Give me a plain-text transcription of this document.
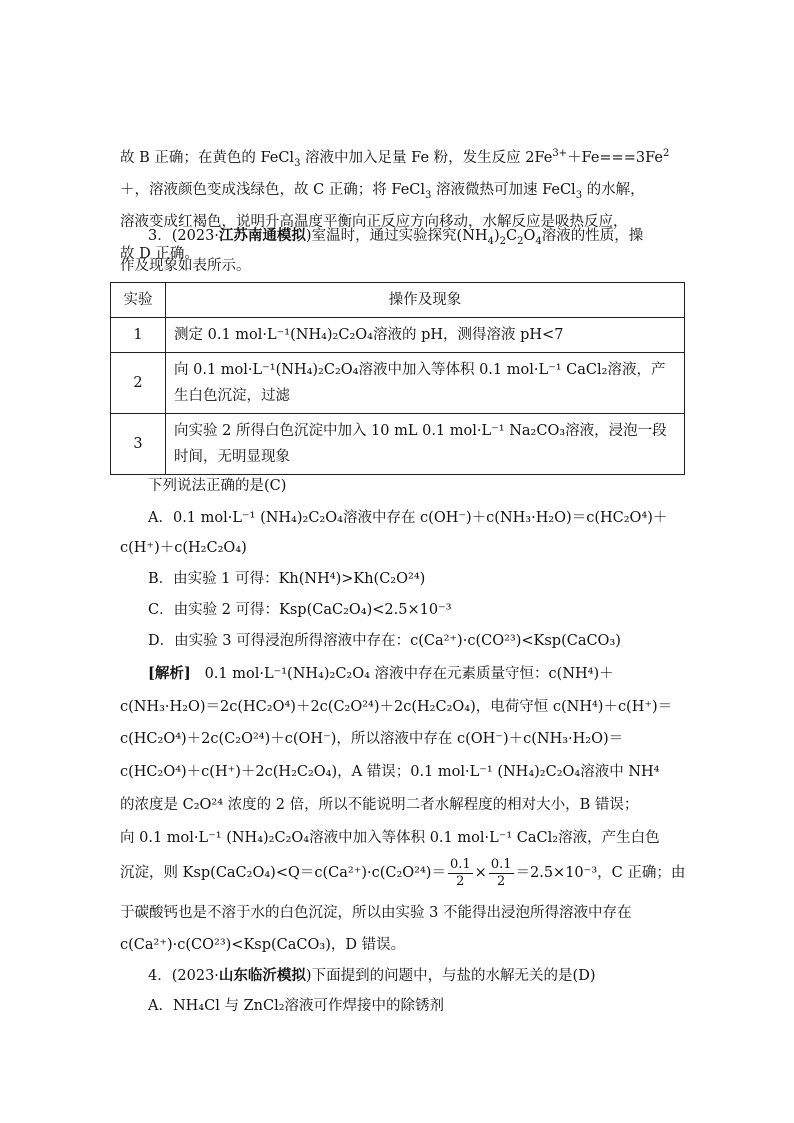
故 B 正确；在黄色的 FeCl$_3$ 溶液中加入足量 Fe 粉，发生反应 $2Fe^{3+}+Fe===3Fe^2$
＋，溶液颜色变成浅绿色，故 C 正确；将 FeCl$_3$ 溶液微热可加速 FeCl$_3$ 的水解，
溶液变成红褐色，说明升高温度平衡向正反应方向移动，水解反应是吸热反应，
故 D 正确。
3．(2023·江苏南通模拟)室温时，通过实验探究$(NH_4)_2C_2O_4$溶液的性质，操
作及现象如表所示。
实验	操作及现象
1	测定 0.1 mol·L⁻¹(NH₄)₂C₂O₄溶液的 pH，测得溶液 pH<7
2	向 0.1 mol·L⁻¹(NH₄)₂C₂O₄溶液中加入等体积 0.1 mol·L⁻¹ CaCl₂溶液，产
生白色沉淀，过滤

3	向实验 2 所得白色沉淀中加入 10 mL 0.1 mol·L⁻¹ Na₂CO₃溶液，浸泡一段
时间，无明显现象
下列说法正确的是(C)
A．0.1 mol·L⁻¹ (NH₄)₂C₂O₄溶液中存在 c(OH⁻)＋c(NH₃·H₂O)＝c(HC₂O⁴)＋
c(H⁺)＋c(H₂C₂O₄)
B．由实验 1 可得：Kh(NH⁴)>Kh(C₂O²⁴)
C．由实验 2 可得：Ksp(CaC₂O₄)<2.5×10⁻³
D．由实验 3 可得浸泡所得溶液中存在：c(Ca²⁺)·c(CO²³)<Ksp(CaCO₃)
[解析] 0.1 mol·L⁻¹(NH₄)₂C₂O₄ 溶液中存在元素质量守恒：c(NH⁴)＋
c(NH₃·H₂O)＝2c(HC₂O⁴)＋2c(C₂O²⁴)＋2c(H₂C₂O₄)，电荷守恒 c(NH⁴)＋c(H⁺)＝
c(HC₂O⁴)＋2c(C₂O²⁴)＋c(OH⁻)，所以溶液中存在 c(OH⁻)＋c(NH₃·H₂O)＝
c(HC₂O⁴)＋c(H⁺)＋2c(H₂C₂O₄)，A 错误；0.1 mol·L⁻¹ (NH₄)₂C₂O₄溶液中 NH⁴
的浓度是 C₂O²⁴ 浓度的 2 倍，所以不能说明二者水解程度的相对大小，B 错误；
向 0.1 mol·L⁻¹ (NH₄)₂C₂O₄溶液中加入等体积 0.1 mol·L⁻¹ CaCl₂溶液，产生白色
沉淀，则 $Ksp(CaC_2O_4)<Q=c(Ca^{2+})\cdot c(C_2O^{24})= \frac{0.1}{2} \times \frac{0.1}{2} =2.5\times 10^{-3}$，C 正确；由
于碳酸钙也是不溶于水的白色沉淀，所以由实验 3 不能得出浸泡所得溶液中存在
c(Ca²⁺)·c(CO²³)<Ksp(CaCO₃)，D 错误。
4．(2023·山东临沂模拟)下面提到的问题中，与盐的水解无关的是(D)
A．NH₄Cl 与 ZnCl₂溶液可作焊接中的除锈剂
